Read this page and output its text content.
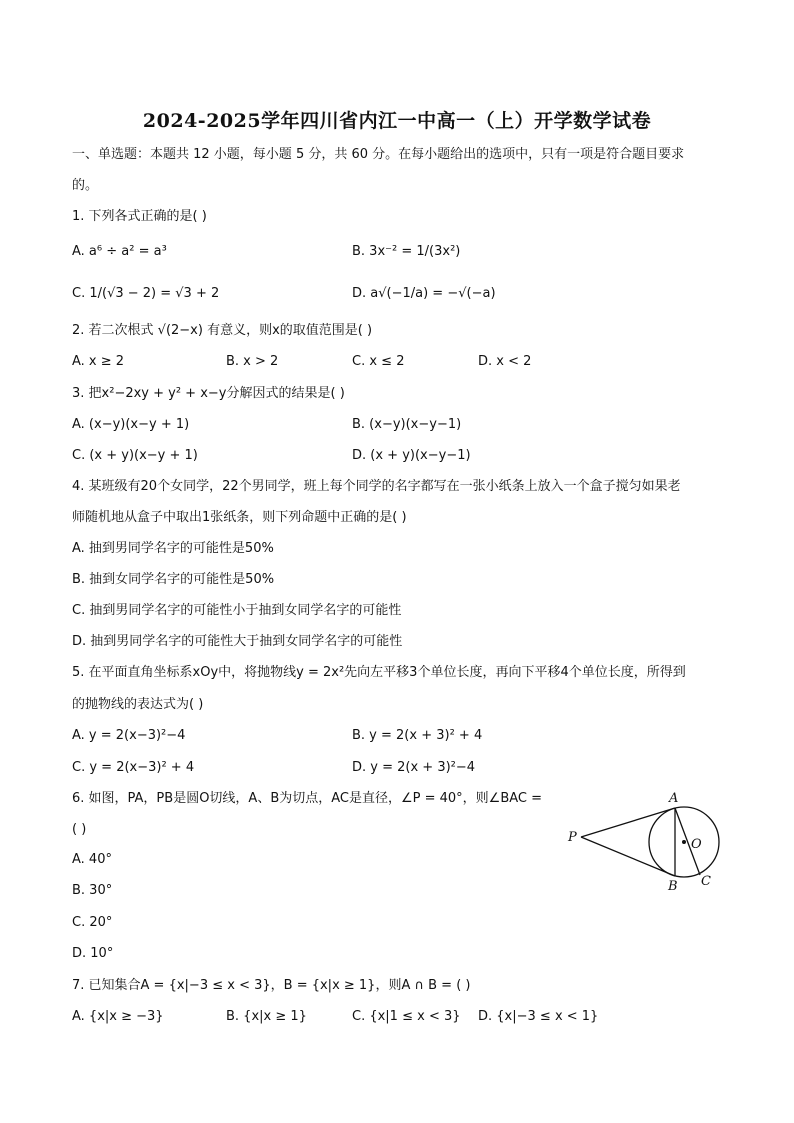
2024-2025学年四川省内江一中高一（上）开学数学试卷
一、单选题：本题共 12 小题，每小题 5 分，共 60 分。在每小题给出的选项中，只有一项是符合题目要求
的。
1. 下列各式正确的是( )
A. a⁶ ÷ a² = a³	B. 3x⁻² = 1/(3x²)
C. 1/(√3 − 2) = √3 + 2	D. a√(−1/a) = −√(−a)
2. 若二次根式 √(2−x) 有意义，则x的取值范围是( )
A. x ≥ 2	B. x > 2	C. x ≤ 2	D. x < 2
3. 把x²−2xy + y² + x−y分解因式的结果是( )
A. (x−y)(x−y + 1)	B. (x−y)(x−y−1)
C. (x + y)(x−y + 1)	D. (x + y)(x−y−1)
4. 某班级有20个女同学，22个男同学，班上每个同学的名字都写在一张小纸条上放入一个盒子搅匀如果老
师随机地从盒子中取出1张纸条，则下列命题中正确的是( )
A. 抽到男同学名字的可能性是50%
B. 抽到女同学名字的可能性是50%
C. 抽到男同学名字的可能性小于抽到女同学名字的可能性
D. 抽到男同学名字的可能性大于抽到女同学名字的可能性
5. 在平面直角坐标系xOy中，将抛物线y = 2x²先向左平移3个单位长度，再向下平移4个单位长度，所得到
的抛物线的表达式为( )
A. y = 2(x−3)²−4	B. y = 2(x + 3)² + 4
C. y = 2(x−3)² + 4	D. y = 2(x + 3)²−4
6. 如图，PA，PB是圆O切线，A、B为切点，AC是直径，∠P = 40°，则∠BAC =
( )
A. 40°
B. 30°
C. 20°
D. 10°
A
P	O
B C
7. 已知集合A = {x|−3 ≤ x < 3}，B = {x|x ≥ 1}，则A ∩ B = ( )
A. {x|x ≥ −3}	B. {x|x ≥ 1}	C. {x|1 ≤ x < 3} D. {x|−3 ≤ x < 1}
